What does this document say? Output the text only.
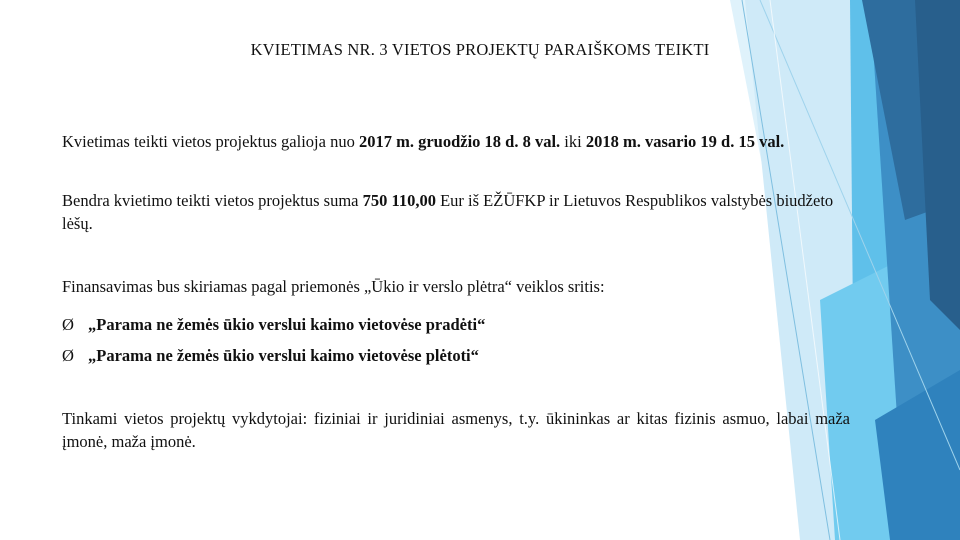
KVIETIMAS NR. 3 VIETOS PROJEKTŲ PARAIŠKOMS TEIKTI

Kvietimas teikti vietos projektus galioja nuo 2017 m. gruodžio 18 d. 8 val. iki 2018 m. vasario 19 d. 15 val.

Bendra kvietimo teikti vietos projektus suma 750 110,00 Eur iš EŽŪFKP ir Lietuvos Respublikos valstybės biudžeto lėšų.

Finansavimas bus skiriamas pagal priemonės „Ūkio ir verslo plėtra“ veiklos sritis:

Ø „Parama ne žemės ūkio verslui kaimo vietovėse pradėti“
Ø „Parama ne žemės ūkio verslui kaimo vietovėse plėtoti“

Tinkami vietos projektų vykdytojai: fiziniai ir juridiniai asmenys, t.y. ūkininkas ar kitas fizinis asmuo, labai maža įmonė, maža įmonė.
